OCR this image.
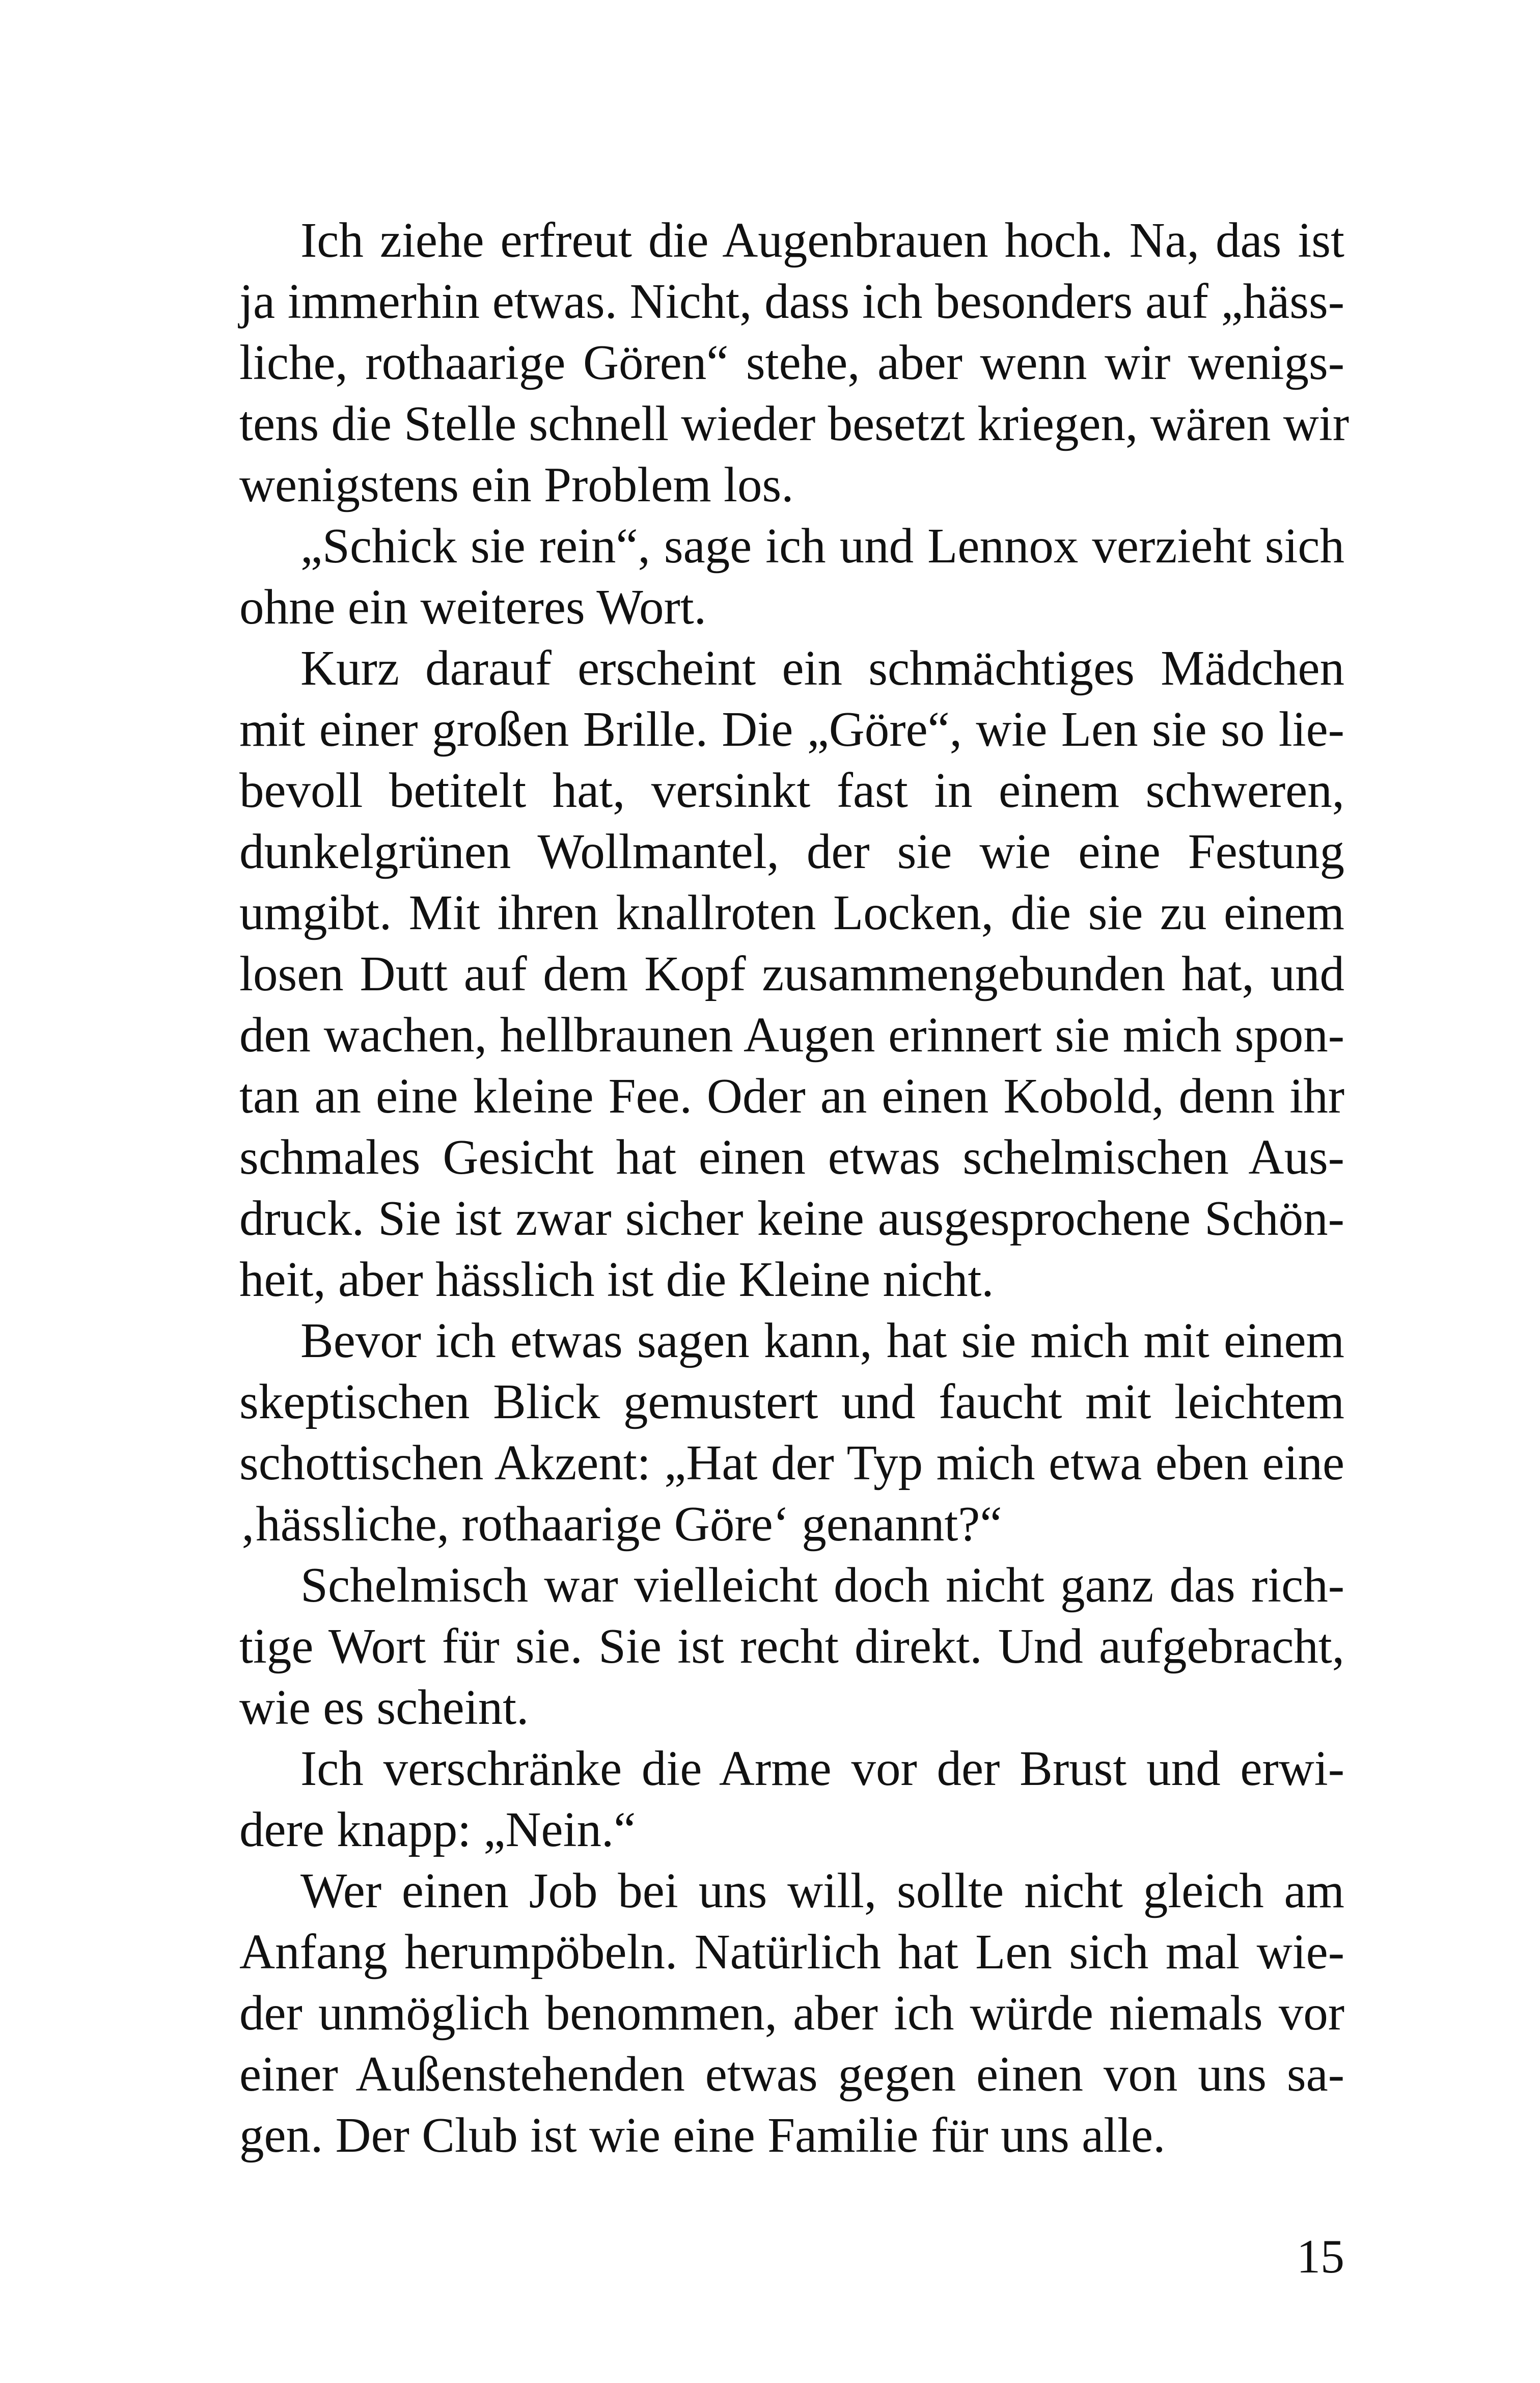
Ich ziehe erfreut die Augenbrauen hoch. Na, das ist
ja immerhin etwas. Nicht, dass ich besonders auf „häss-
liche, rothaarige Gören“ stehe, aber wenn wir wenigs-
tens die Stelle schnell wieder besetzt kriegen, wären wir
wenigstens ein Problem los.
„Schick sie rein“, sage ich und Lennox verzieht sich
ohne ein weiteres Wort.
Kurz darauf erscheint ein schmächtiges Mädchen
mit einer großen Brille. Die „Göre“, wie Len sie so lie-
bevoll betitelt hat, versinkt fast in einem schweren,
dunkelgrünen Wollmantel, der sie wie eine Festung
umgibt. Mit ihren knallroten Locken, die sie zu einem
losen Dutt auf dem Kopf zusammengebunden hat, und
den wachen, hellbraunen Augen erinnert sie mich spon-
tan an eine kleine Fee. Oder an einen Kobold, denn ihr
schmales Gesicht hat einen etwas schelmischen Aus-
druck. Sie ist zwar sicher keine ausgesprochene Schön-
heit, aber hässlich ist die Kleine nicht.
Bevor ich etwas sagen kann, hat sie mich mit einem
skeptischen Blick gemustert und faucht mit leichtem
schottischen Akzent: „Hat der Typ mich etwa eben eine
‚hässliche, rothaarige Göre‘ genannt?“
Schelmisch war vielleicht doch nicht ganz das rich-
tige Wort für sie. Sie ist recht direkt. Und aufgebracht,
wie es scheint.
Ich verschränke die Arme vor der Brust und erwi-
dere knapp: „Nein.“
Wer einen Job bei uns will, sollte nicht gleich am
Anfang herumpöbeln. Natürlich hat Len sich mal wie-
der unmöglich benommen, aber ich würde niemals vor
einer Außenstehenden etwas gegen einen von uns sa-
gen. Der Club ist wie eine Familie für uns alle.
15
